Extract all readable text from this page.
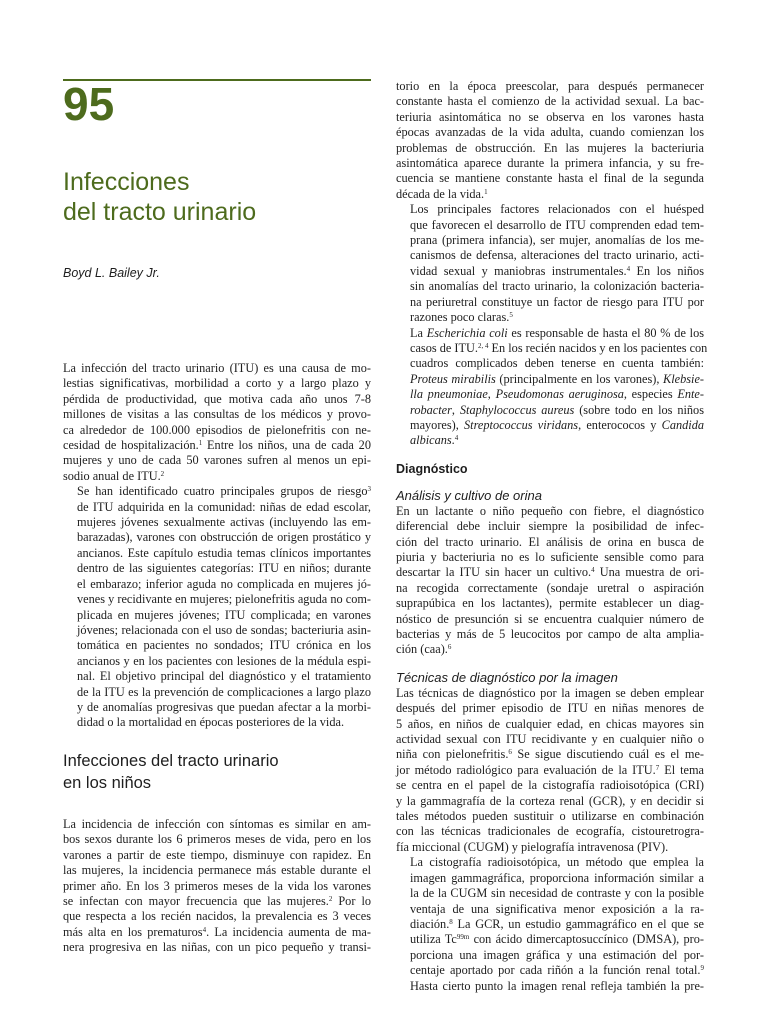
95
Infecciones
del tracto urinario
Boyd L. Bailey Jr.

La infección del tracto urinario (ITU) es una causa de mo-
lestias significativas, morbilidad a corto y a largo plazo y
pérdida de productividad, que motiva cada año unos 7-8
millones de visitas a las consultas de los médicos y provo-
ca alrededor de 100.000 episodios de pielonefritis con ne-
cesidad de hospitalización.$^1$ Entre los niños, una de cada 20
mujeres y uno de cada 50 varones sufren al menos un epi-
sodio anual de ITU.$^2$

Se han identificado cuatro principales grupos de riesgo$^3$
de ITU adquirida en la comunidad: niñas de edad escolar,
mujeres jóvenes sexualmente activas (incluyendo las em-
barazadas), varones con obstrucción de origen prostático y
ancianos. Este capítulo estudia temas clínicos importantes
dentro de las siguientes categorías: ITU en niños; durante
el embarazo; inferior aguda no complicada en mujeres jó-
venes y recidivante en mujeres; pielonefritis aguda no com-
plicada en mujeres jóvenes; ITU complicada; en varones
jóvenes; relacionada con el uso de sondas; bacteriuria asin-
tomática en pacientes no sondados; ITU crónica en los
ancianos y en los pacientes con lesiones de la médula espi-
nal. El objetivo principal del diagnóstico y el tratamiento
de la ITU es la prevención de complicaciones a largo plazo
y de anomalías progresivas que puedan afectar a la morbi-
didad o la mortalidad en épocas posteriores de la vida.

Infecciones del tracto urinario
en los niños

La incidencia de infección con síntomas es similar en am-
bos sexos durante los 6 primeros meses de vida, pero en los
varones a partir de este tiempo, disminuye con rapidez. En
las mujeres, la incidencia permanece más estable durante el
primer año. En los 3 primeros meses de la vida los varones
se infectan con mayor frecuencia que las mujeres.$^2$ Por lo
que respecta a los recién nacidos, la prevalencia es 3 veces
más alta en los prematuros$^4$. La incidencia aumenta de ma-
nera progresiva en las niñas, con un pico pequeño y transi-

torio en la época preescolar, para después permanecer
constante hasta el comienzo de la actividad sexual. La bac-
teriuria asintomática no se observa en los varones hasta
épocas avanzadas de la vida adulta, cuando comienzan los
problemas de obstrucción. En las mujeres la bacteriuria
asintomática aparece durante la primera infancia, y su fre-
cuencia se mantiene constante hasta el final de la segunda
década de la vida.$^1$

Los principales factores relacionados con el huésped
que favorecen el desarrollo de ITU comprenden edad tem-
prana (primera infancia), ser mujer, anomalías de los me-
canismos de defensa, alteraciones del tracto urinario, acti-
vidad sexual y maniobras instrumentales.$^4$ En los niños
sin anomalías del tracto urinario, la colonización bacteria-
na periuretral constituye un factor de riesgo para ITU por
razones poco claras.$^5$

La Escherichia coli es responsable de hasta el 80 % de los
casos de ITU.$^{2, 4}$ En los recién nacidos y en los pacientes con
cuadros complicados deben tenerse en cuenta también:
Proteus mirabilis (principalmente en los varones), Klebsie-
lla pneumoniae, Pseudomonas aeruginosa, especies Ente-
robacter, Staphylococcus aureus (sobre todo en los niños
mayores), Streptococcus viridans, enterococos y Candida
albicans.$^4$

Diagnóstico
Análisis y cultivo de orina

En un lactante o niño pequeño con fiebre, el diagnóstico
diferencial debe incluir siempre la posibilidad de infec-
ción del tracto urinario. El análisis de orina en busca de
piuria y bacteriuria no es lo suficiente sensible como para
descartar la ITU sin hacer un cultivo.$^4$ Una muestra de ori-
na recogida correctamente (sondaje uretral o aspiración
suprapúbica en los lactantes), permite establecer un diag-
nóstico de presunción si se encuentra cualquier número de
bacterias y más de 5 leucocitos por campo de alta amplia-
ción (caa).$^6$

Técnicas de diagnóstico por la imagen

Las técnicas de diagnóstico por la imagen se deben emplear
después del primer episodio de ITU en niñas menores de
5 años, en niños de cualquier edad, en chicas mayores sin
actividad sexual con ITU recidivante y en cualquier niño o
niña con pielonefritis.$^6$ Se sigue discutiendo cuál es el me-
jor método radiológico para evaluación de la ITU.$^7$ El tema
se centra en el papel de la cistografía radioisotópica (CRI)
y la gammagrafía de la corteza renal (GCR), y en decidir si
tales métodos pueden sustituir o utilizarse en combinación
con las técnicas tradicionales de ecografía, cistouretrogra-
fía miccional (CUGM) y pielografía intravenosa (PIV).

La cistografía radioisotópica, un método que emplea la
imagen gammagráfica, proporciona información similar a
la de la CUGM sin necesidad de contraste y con la posible
ventaja de una significativa menor exposición a la ra-
diación.$^8$ La GCR, un estudio gammagráfico en el que se
utiliza $Tc^{99m}$ con ácido dimercaptosuccínico (DMSA), pro-
porciona una imagen gráfica y una estimación del por-
centaje aportado por cada riñón a la función renal total.$^9$
Hasta cierto punto la imagen renal refleja también la pre-
